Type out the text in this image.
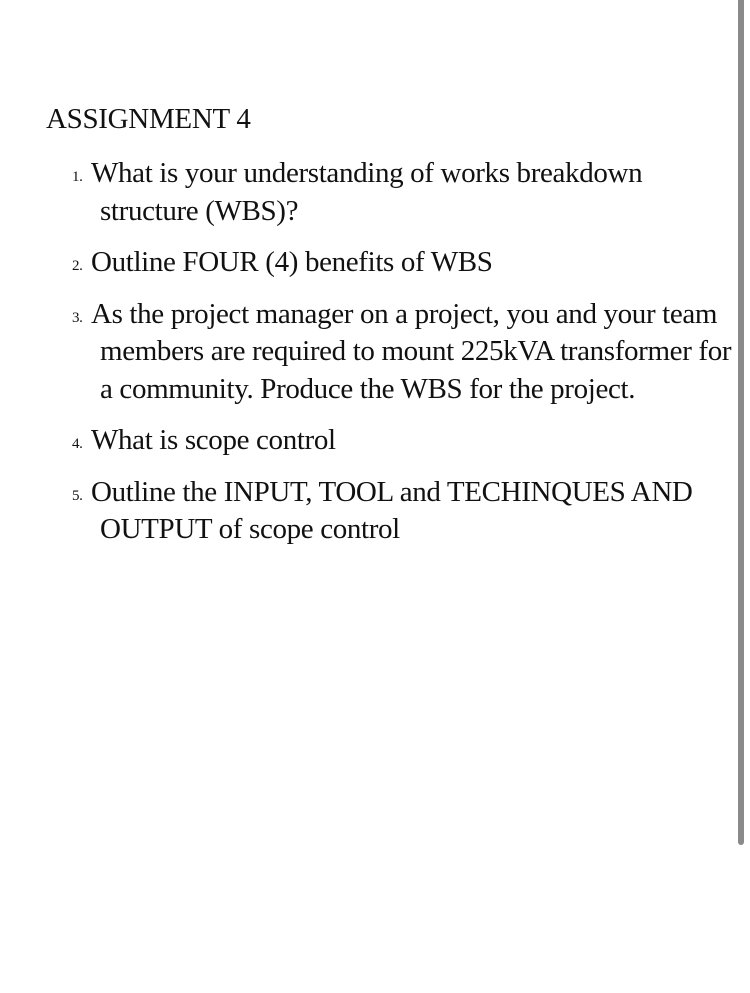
ASSIGNMENT 4
1. What is your understanding of works breakdown structure (WBS)?
2. Outline FOUR (4) benefits of WBS
3. As the project manager on a project, you and your team members are required to mount 225kVA transformer for a community. Produce the WBS for the project.
4. What is scope control
5. Outline the INPUT, TOOL and TECHINQUES AND OUTPUT of scope control
